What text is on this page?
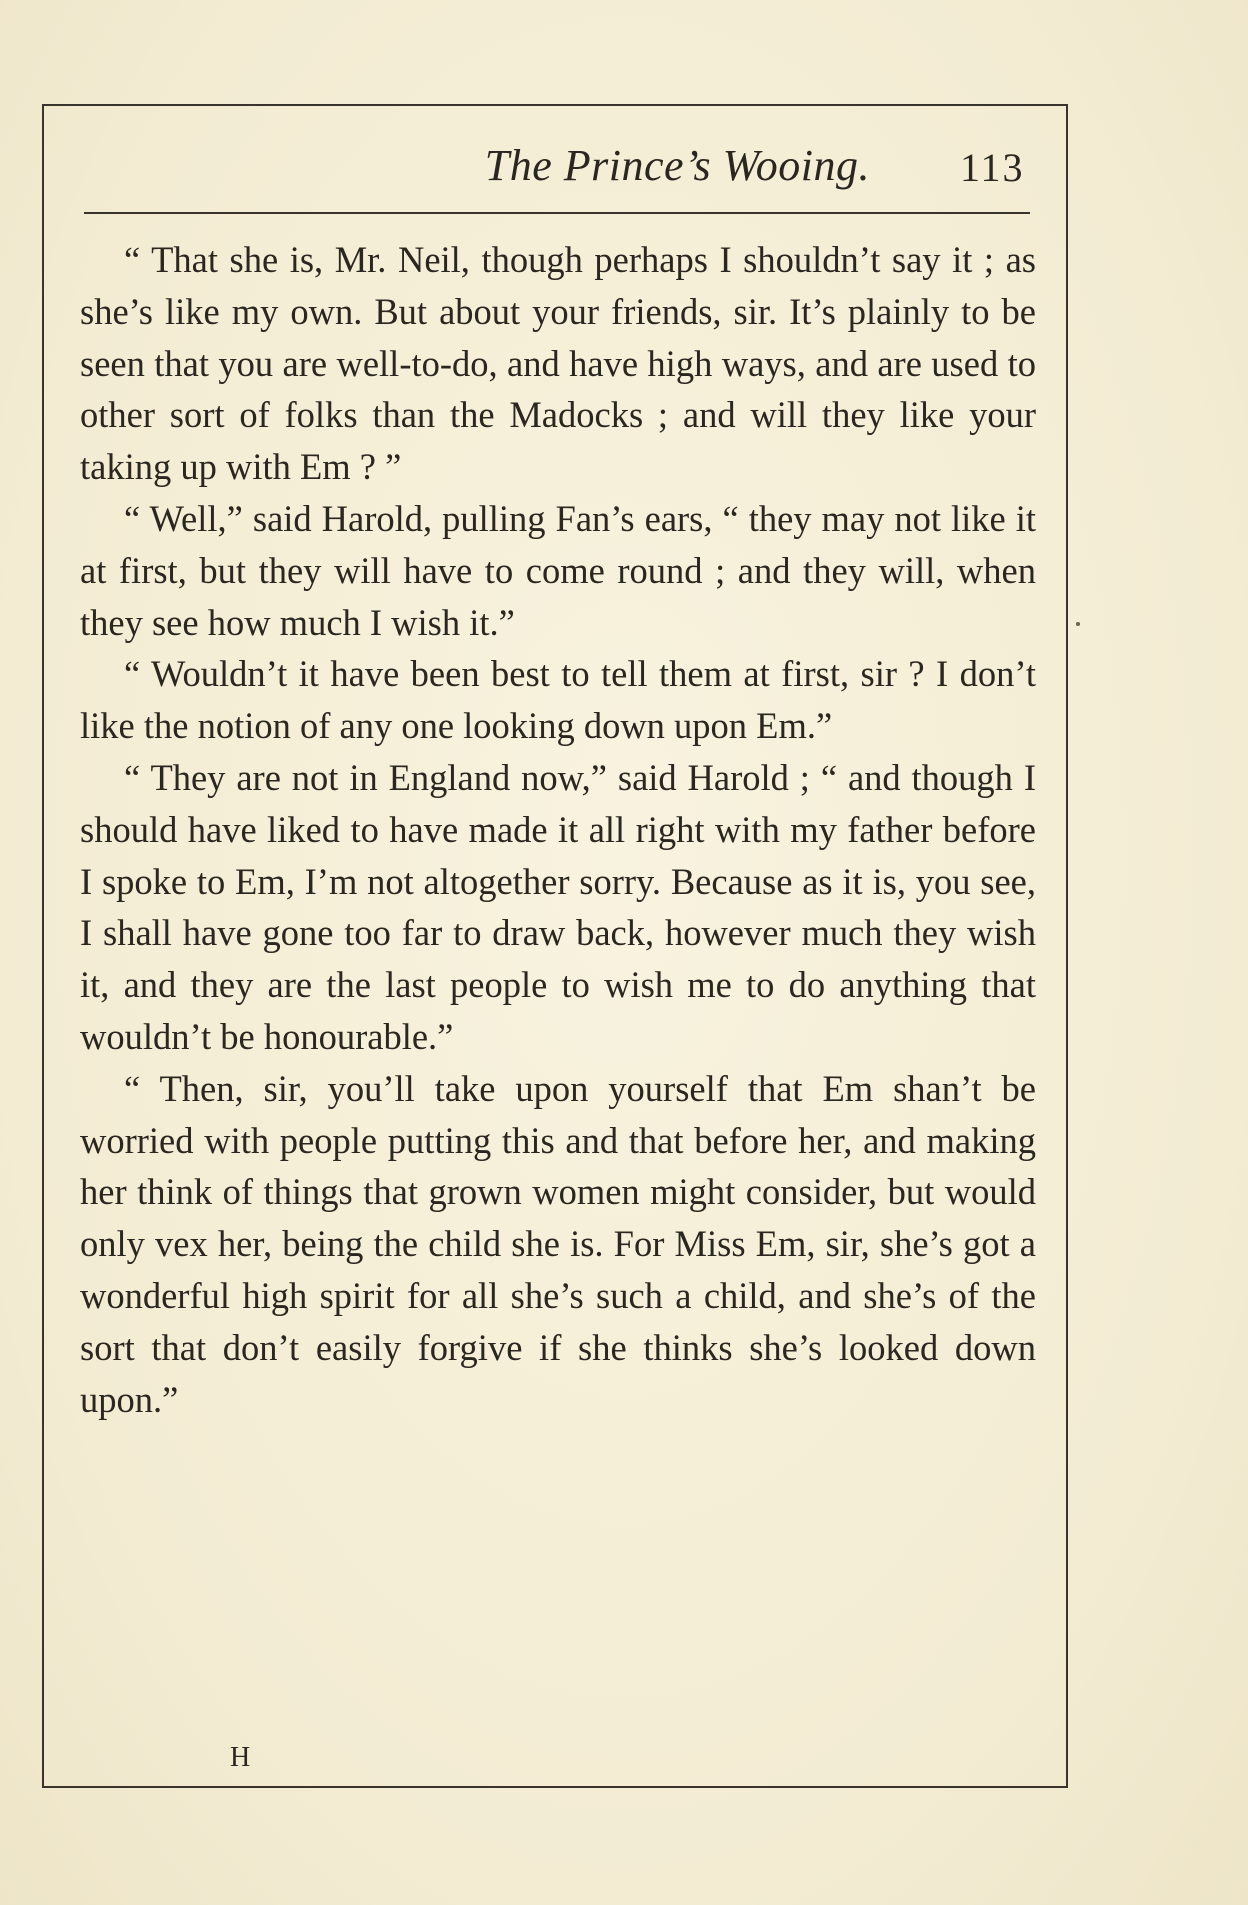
The Prince’s Wooing. 113

“ That she is, Mr. Neil, though perhaps I shouldn’t say it ; as she’s like my own. But about your friends, sir. It’s plainly to be seen that you are well-to-do, and have high ways, and are used to other sort of folks than the Madocks ; and will they like your taking up with Em ? ”

“ Well,” said Harold, pulling Fan’s ears, “ they may not like it at first, but they will have to come round ; and they will, when they see how much I wish it.”

“ Wouldn’t it have been best to tell them at first, sir ? I don’t like the notion of any one looking down upon Em.”

“ They are not in England now,” said Harold ; “ and though I should have liked to have made it all right with my father before I spoke to Em, I’m not altogether sorry. Because as it is, you see, I shall have gone too far to draw back, however much they wish it, and they are the last people to wish me to do anything that wouldn’t be honourable.”

“ Then, sir, you’ll take upon yourself that Em shan’t be worried with people putting this and that before her, and making her think of things that grown women might consider, but would only vex her, being the child she is. For Miss Em, sir, she’s got a wonderful high spirit for all she’s such a child, and she’s of the sort that don’t easily forgive if she thinks she’s looked down upon.”

H
